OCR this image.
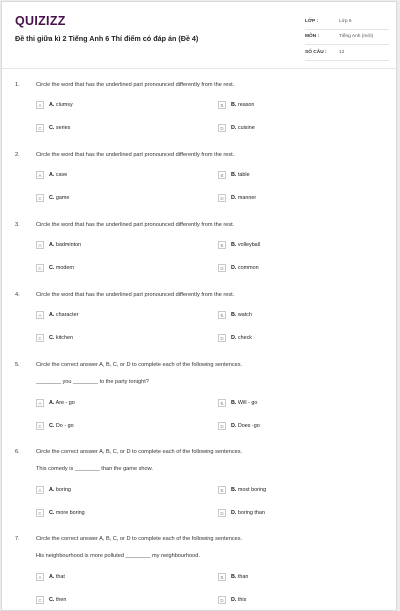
QUIZIZZ
Đề thi giữa kì 2 Tiếng Anh 6 Thí điểm có đáp án (Đề 4)
LỚP :	Lớp 6
MÔN :	Tiếng Anh (mới)
SỐ CÂU :	12
1.	Circle the word that has the underlined part pronounced differently from the rest.
A	A. clumsy	B	B. reason
C	C. series	D	D. cuisine
2.	Circle the word that has the underlined part pronounced differently from the rest.
A	A. cave	B	B. table
C	C. game	D	D. manner
3.	Circle the word that has the underlined part pronounced differently from the rest.
A	A. badminton	B	B. volleyball
C	C. modern	D	D. common
4.	Circle the word that has the underlined part pronounced differently from the rest.
A	A. character	B	B. watch
C	C. kitchen	D	D. check
5.	Circle the correct answer A, B, C, or D to complete each of the following sentences.
________ you ________ to the party tonight?
A	A. Are - go	B	B. Will - go
C	C. Do - go	D	D. Does -go
6.	Circle the correct answer A, B, C, or D to complete each of the following sentences.
This comedy is ________ than the game show.
A	A. boring	B	B. most boring
C	C. more boring	D	D. boring than
7.	Circle the correct answer A, B, C, or D to complete each of the following sentences.
His neighbourhood is more polluted ________ my neighbourhood.
A	A. that	B	B. than
C	C. then	D	D. this
